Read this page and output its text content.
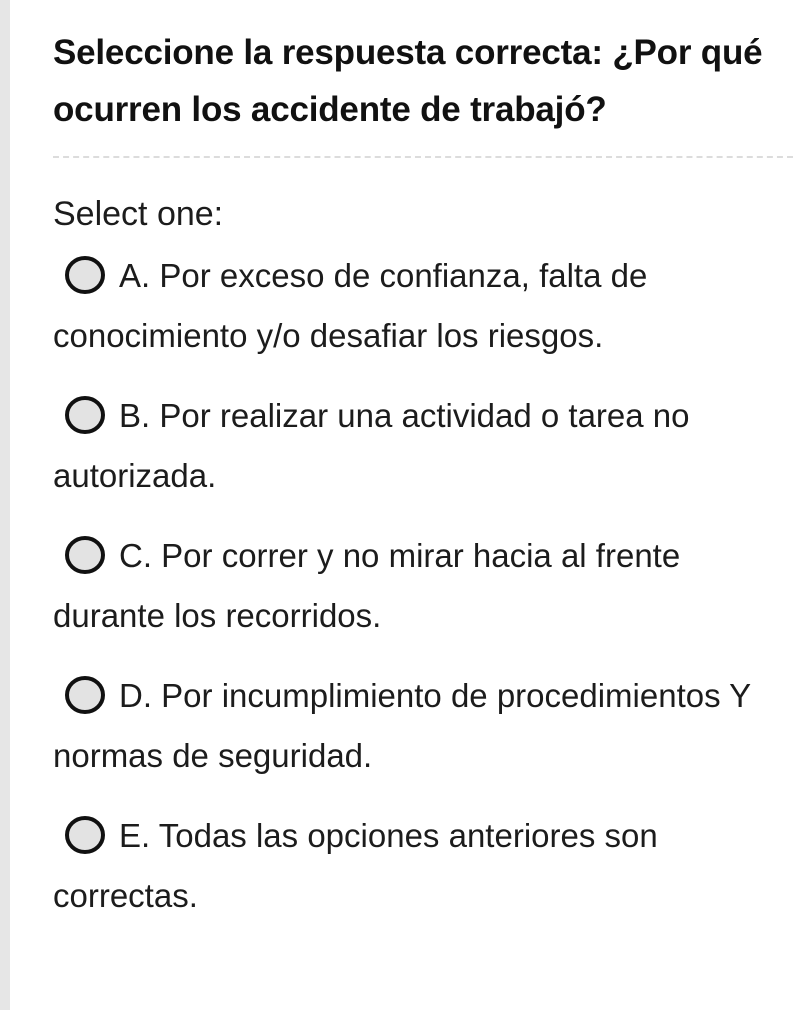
Seleccione la respuesta correcta: ¿Por qué ocurren los accidente de trabajó?
Select one:
A. Por exceso de confianza, falta de conocimiento y/o desafiar los riesgos.
B. Por realizar una actividad o tarea no autorizada.
C. Por correr y no mirar hacia al frente durante los recorridos.
D. Por incumplimiento de procedimientos Y normas de seguridad.
E. Todas las opciones anteriores son correctas.
